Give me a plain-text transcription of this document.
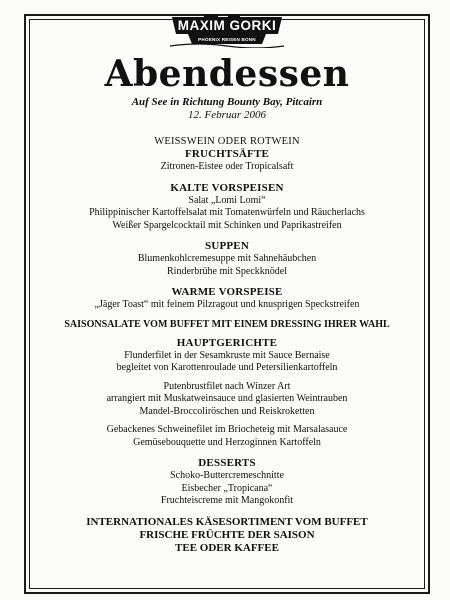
MAXIM GORKI
PHOENIX REISEN BONN
Abendessen
Auf See in Richtung Bounty Bay, Pitcairn
12. Februar 2006
WEISSWEIN ODER ROTWEIN
FRUCHTSÄFTE
Zitronen-Eistee oder Tropicalsaft
KALTE VORSPEISEN
Salat „Lomi Lomi“
Philippinischer Kartoffelsalat mit Tomatenwürfeln und Räucherlachs
Weißer Spargelcocktail mit Schinken und Paprikastreifen
SUPPEN
Blumenkohlcremesuppe mit Sahnehäubchen
Rinderbrühe mit Speckknödel
WARME VORSPEISE
„Jäger Toast“ mit feinem Pilzragout und knusprigen Speckstreifen
SAISONSALATE VOM BUFFET MIT EINEM DRESSING IHRER WAHL
HAUPTGERICHTE
Flunderfilet in der Sesamkruste mit Sauce Bernaise
begleitet von Karottenroulade und Petersilienkartoffeln
Putenbrustfilet nach Winzer Art
arrangiert mit Muskatweinsauce und glasierten Weintrauben
Mandel-Broccoliröschen und Reiskroketten
Gebackenes Schweinefilet im Briocheteig mit Marsalasauce
Gemüsebouquette und Herzoginnen Kartoffeln
DESSERTS
Schoko-Buttercremeschnitte
Eisbecher „Tropicana“
Fruchteiscreme mit Mangokonfit
INTERNATIONALES KÄSESORTIMENT VOM BUFFET
FRISCHE FRÜCHTE DER SAISON
TEE ODER KAFFEE
